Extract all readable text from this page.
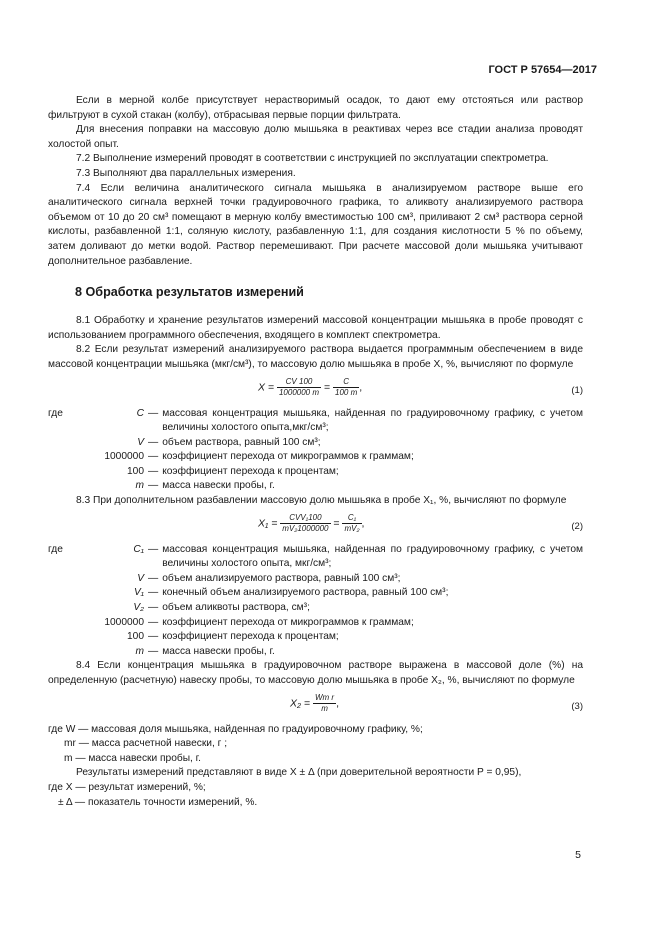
ГОСТ Р 57654—2017

Если в мерной колбе присутствует нерастворимый осадок, то дают ему отстояться или раствор фильтруют в сухой стакан (колбу), отбрасывая первые порции фильтрата.

Для внесения поправки на массовую долю мышьяка в реактивах через все стадии анализа проводят холостой опыт.

7.2 Выполнение измерений проводят в соответствии с инструкцией по эксплуатации спектрометра.

7.3 Выполняют два параллельных измерения.

7.4 Если величина аналитического сигнала мышьяка в анализируемом растворе выше его аналитического сигнала верхней точки градуировочного графика, то аликвоту анализируемого раствора объемом от 10 до 20 см³ помещают в мерную колбу вместимостью 100 см³, приливают 2 см³ раствора серной кислоты, разбавленной 1:1, соляную кислоту, разбавленную 1:1, для создания кислотности 5 % по объему, затем доливают до метки водой. Раствор перемешивают. При расчете массовой доли мышьяка учитывают дополнительное разбавление.

8 Обработка результатов измерений

8.1 Обработку и хранение результатов измерений массовой концентрации мышьяка в пробе проводят с использованием программного обеспечения, входящего в комплект спектрометра.

8.2 Если результат измерений анализируемого раствора выдается программным обеспечением в виде массовой концентрации мышьяка (мкг/см³), то массовую долю мышьяка в пробе X, %, вычисляют по формуле

$X = \frac{CV 100}{1000000 m} = \frac{C}{100 m}$ ,	(1)
где	C — массовая концентрация мышьяка, найденная по градуировочному графику, с учетом величины холостого опыта,мкг/см³;
V — объем раствора, равный 100 см³;
1000000 — коэффициент перехода от микрограммов к граммам;
100 — коэффициент перехода к процентам;
m — масса навески пробы, г.

8.3 При дополнительном разбавлении массовую долю мышьяка в пробе X₁, %, вычисляют по формуле

$X_1 = \frac{\text{CVV₁100}}{\text{mV₂1000000}} = \frac{\text{C₁}}{\text{mV₂}}$ ,	(2)
где	C₁ — массовая концентрация мышьяка, найденная по градуировочному графику, с учетом величины холостого опыта, мкг/см³;
V — объем анализируемого раствора, равный 100 см³;
V₁ — конечный объем анализируемого раствора, равный 100 см³;
V₂ — объем аликвоты раствора, см³;
1000000 — коэффициент перехода от микрограммов к граммам;
100 — коэффициент перехода к процентам;
m — масса навески пробы, г.

8.4 Если концентрация мышьяка в градуировочном растворе выражена в массовой доле (%) на определенную (расчетную) навеску пробы, то массовую долю мышьяка в пробе X₂, %, вычисляют по формуле

$X_2 = \frac{\text{Wm r}}{m}$ ,	(3)
где W — массовая доля мышьяка, найденная по градуировочному графику, %;
mr — масса расчетной навески, г ;
m — масса навески пробы, г.
Результаты измерений представляют в виде X ± Δ (при доверительной вероятности P = 0,95),
где X — результат измерений, %;
± Δ — показатель точности измерений, %.
5
